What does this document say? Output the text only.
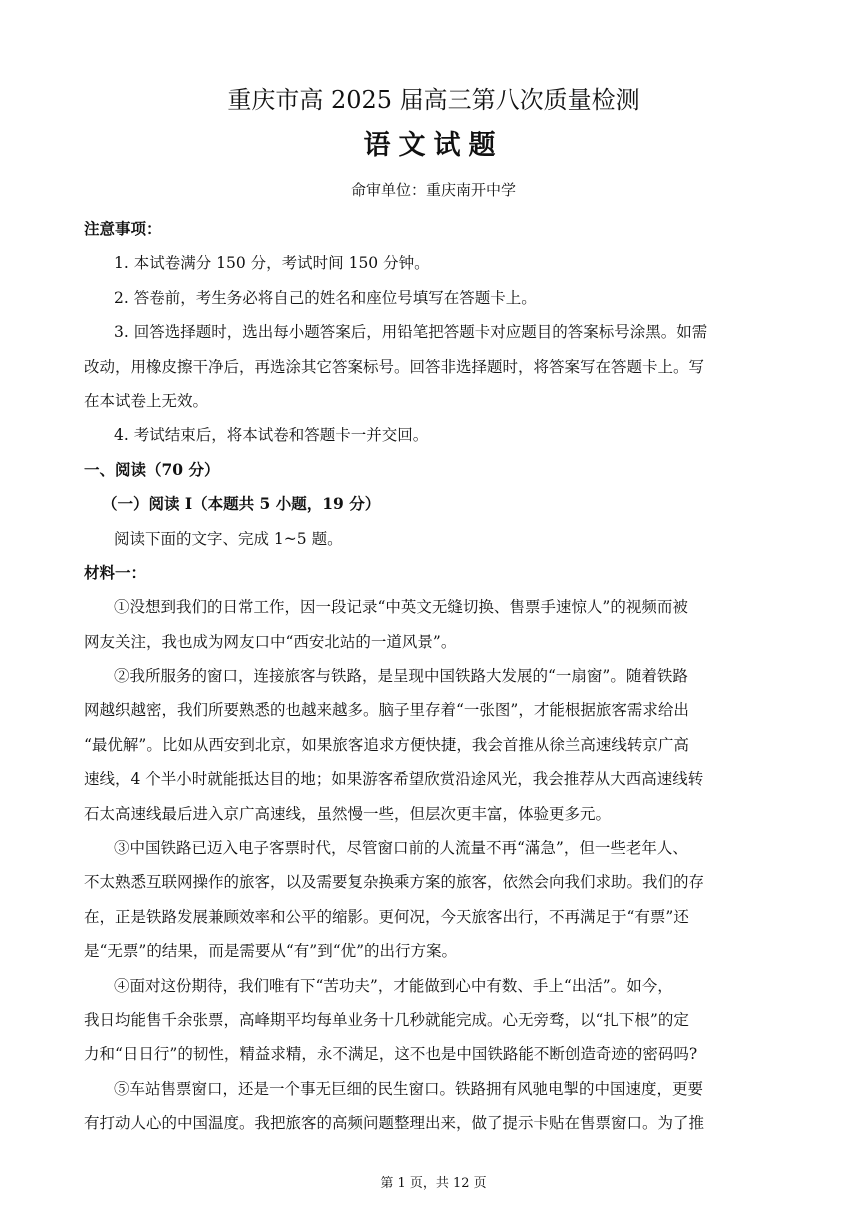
重庆市高 2025 届高三第八次质量检测
语文试题
命审单位：重庆南开中学
注意事项：
1. 本试卷满分 150 分，考试时间 150 分钟。
2. 答卷前，考生务必将自己的姓名和座位号填写在答题卡上。
3. 回答选择题时，选出每小题答案后，用铅笔把答题卡对应题目的答案标号涂黑。如需
改动，用橡皮擦干净后，再选涂其它答案标号。回答非选择题时，将答案写在答题卡上。写
在本试卷上无效。
4. 考试结束后，将本试卷和答题卡一并交回。
一、阅读（70 分）
（一）阅读 I（本题共 5 小题，19 分）
阅读下面的文字、完成 1~5 题。
材料一：
①没想到我们的日常工作，因一段记录“中英文无缝切换、售票手速惊人”的视频而被
网友关注，我也成为网友口中“西安北站的一道风景”。
②我所服务的窗口，连接旅客与铁路，是呈现中国铁路大发展的“一扇窗”。随着铁路
网越织越密，我们所要熟悉的也越来越多。脑子里存着“一张图”，才能根据旅客需求给出
“最优解”。比如从西安到北京，如果旅客追求方便快捷，我会首推从徐兰高速线转京广高
速线，4 个半小时就能抵达目的地；如果游客希望欣赏沿途风光，我会推荐从大西高速线转
石太高速线最后进入京广高速线，虽然慢一些，但层次更丰富，体验更多元。
③中国铁路已迈入电子客票时代，尽管窗口前的人流量不再“滿急”，但一些老年人、
不太熟悉互联网操作的旅客，以及需要复杂换乘方案的旅客，依然会向我们求助。我们的存
在，正是铁路发展兼顾效率和公平的缩影。更何况，今天旅客出行，不再满足于“有票”还
是“无票”的结果，而是需要从“有”到“优”的出行方案。
④面对这份期待，我们唯有下“苦功夫”，才能做到心中有数、手上“出活”。如今，
我日均能售千余张票，高峰期平均每单业务十几秒就能完成。心无旁骛，以“扎下根”的定
力和“日日行”的韧性，精益求精，永不满足，这不也是中国铁路能不断创造奇迹的密码吗?
⑤车站售票窗口，还是一个事无巨细的民生窗口。铁路拥有风驰电掣的中国速度，更要
有打动人心的中国温度。我把旅客的高频问题整理出来，做了提示卡贴在售票窗口。为了推
第 1 页，共 12 页
